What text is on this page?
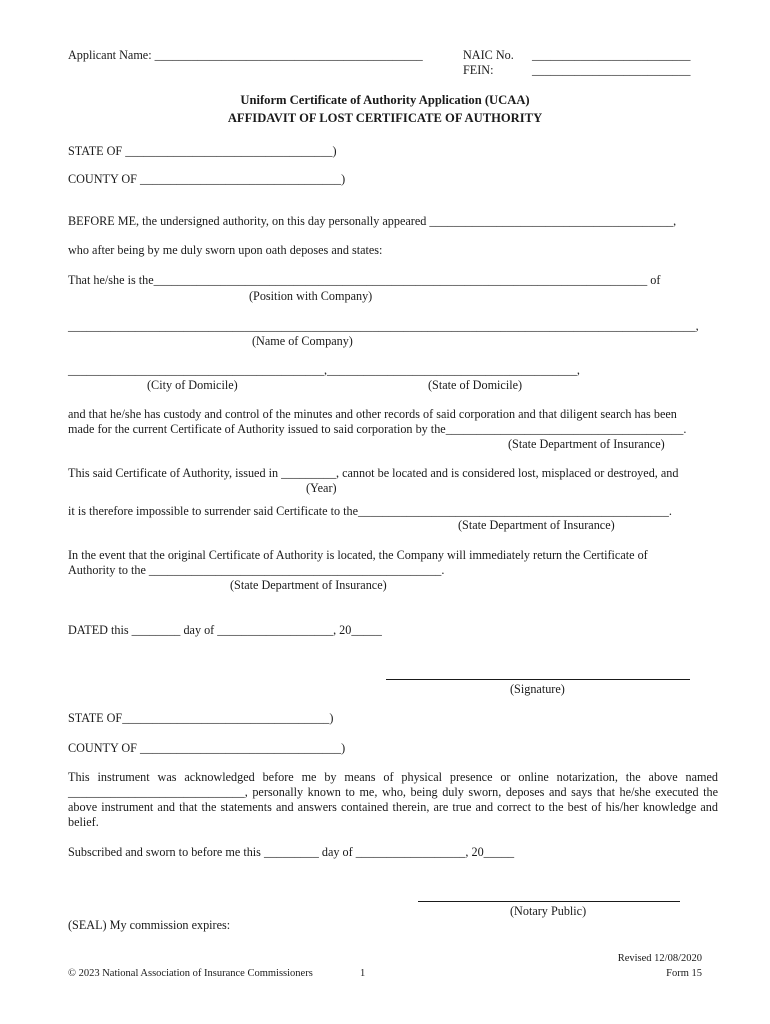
Applicant Name: ____________________________________________	NAIC No. __________________________
FEIN:	__________________________
Uniform Certificate of Authority Application (UCAA)
AFFIDAVIT OF LOST CERTIFICATE OF AUTHORITY
STATE OF __________________________________)
COUNTY OF _________________________________)
BEFORE ME, the undersigned authority, on this day personally appeared ________________________________________,
who after being by me duly sworn upon oath deposes and states:
That he/she is the_________________________________________________________________________________ of
(Position with Company)
_______________________________________________________________________________________________________,
(Name of Company)
__________________________________________,_________________________________________,
(City of Domicile)	(State of Domicile)
and that he/she has custody and control of the minutes and other records of said corporation and that diligent search has been
made for the current Certificate of Authority issued to said corporation by the_______________________________________.
(State Department of Insurance)
This said Certificate of Authority, issued in _________, cannot be located and is considered lost, misplaced or destroyed, and
(Year)
it is therefore impossible to surrender said Certificate to the___________________________________________________.
(State Department of Insurance)
In the event that the original Certificate of Authority is located, the Company will immediately return the Certificate of
Authority to the ________________________________________________.
(State Department of Insurance)
DATED this ________ day of ___________________, 20_____
(Signature)
STATE OF__________________________________)
COUNTY OF _________________________________)
This instrument was acknowledged before me by means of physical presence or online notarization, the above named _____________________________, personally known to me, who, being duly sworn, deposes and says that he/she executed the above instrument and that the statements and answers contained therein, are true and correct to the best of his/her knowledge and belief.
Subscribed and sworn to before me this _________ day of __________________, 20_____
(Notary Public)
(SEAL) My commission expires:
© 2023 National Association of Insurance Commissioners	1
Revised 12/08/2020
Form 15
